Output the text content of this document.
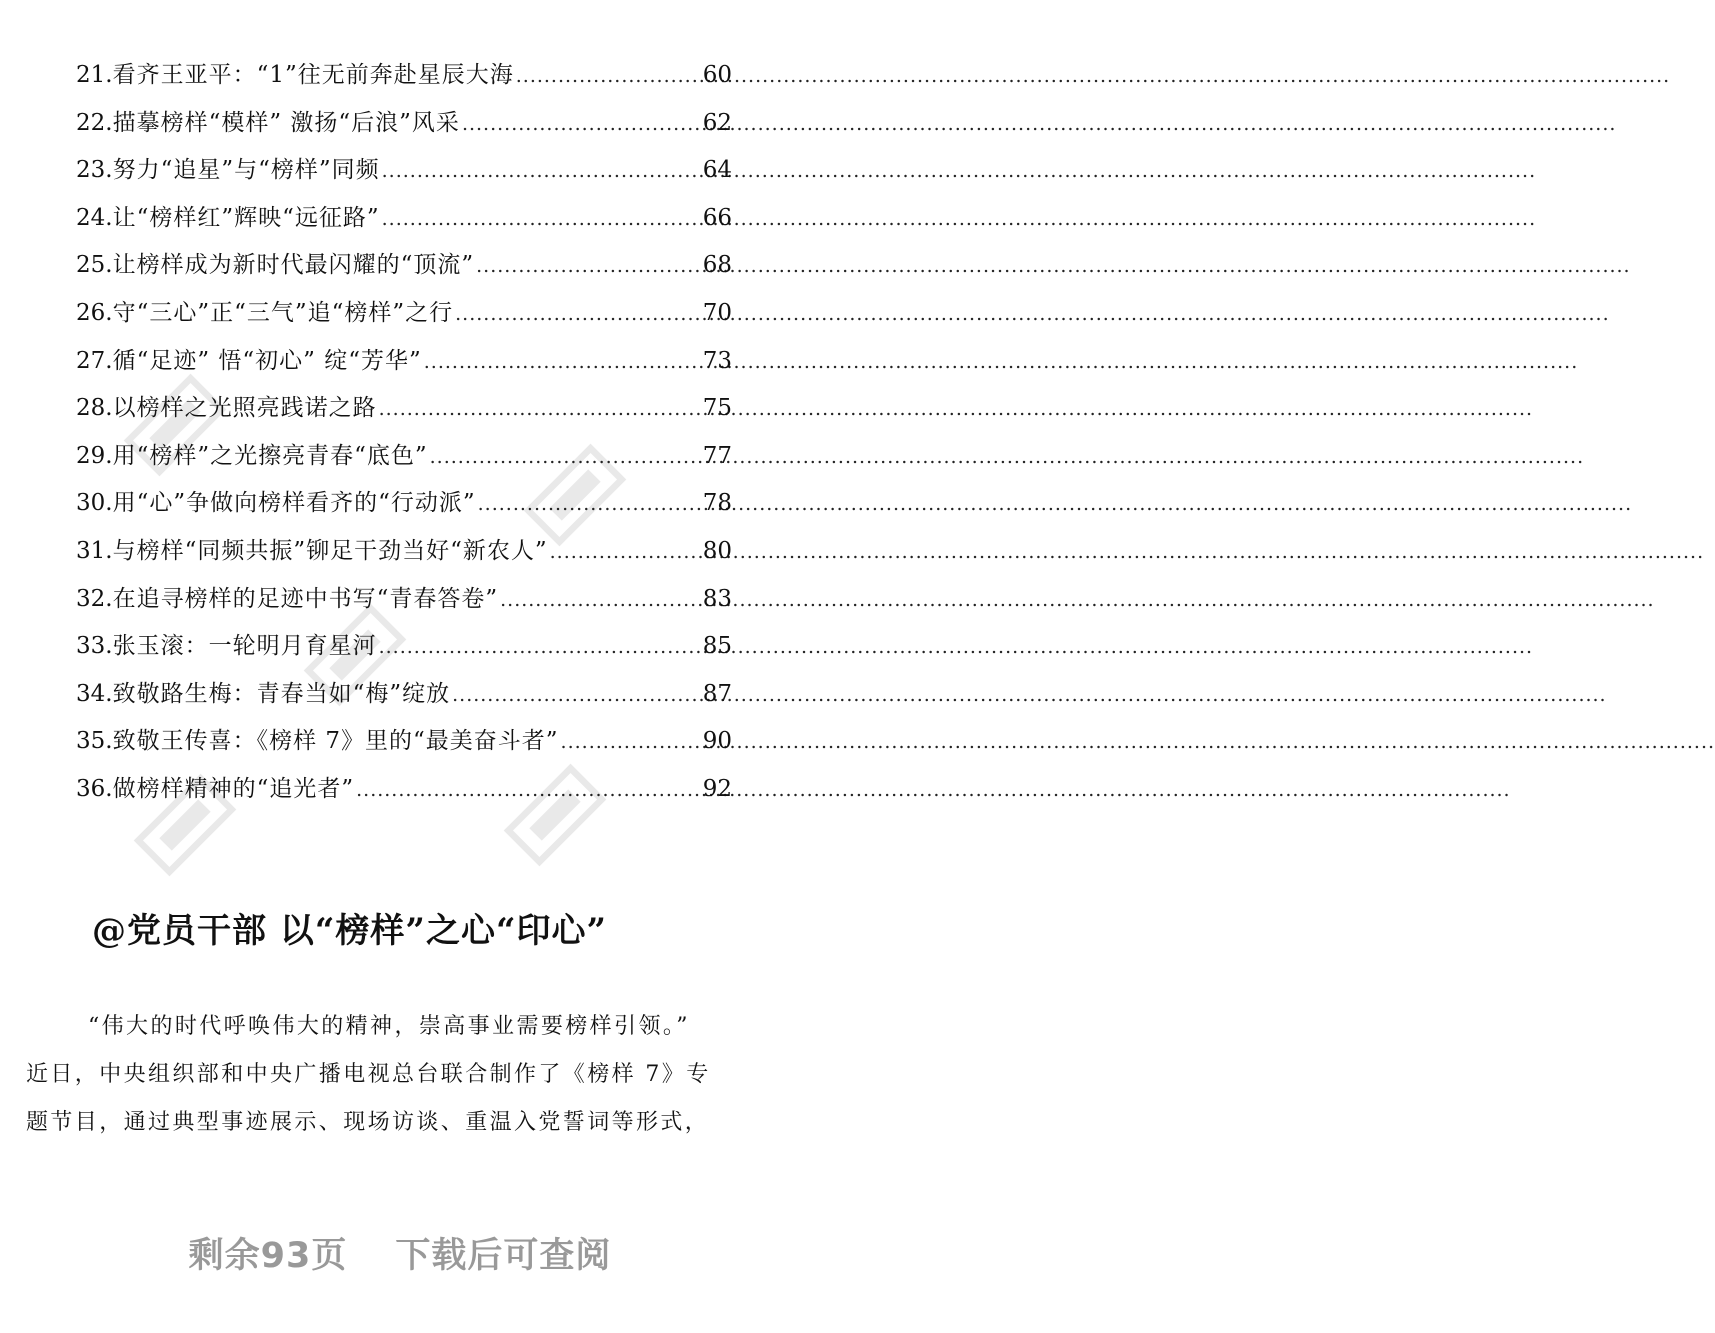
21. 看齐王亚平：“1”往无前奔赴星辰大海 .....	60
22. 描摹榜样“模样” 激扬“后浪”风采 .....	62
23. 努力“追星”与“榜样”同频 .....	64
24. 让“榜样红”辉映“远征路” .....	66
25. 让榜样成为新时代最闪耀的“顶流” .....	68
26. 守“三心”正“三气”追“榜样”之行 .....	70
27. 循“足迹” 悟“初心” 绽“芳华” .....	73
28. 以榜样之光照亮践诺之路 .....	75
29. 用“榜样”之光擦亮青春“底色” .....	77
30. 用“心”争做向榜样看齐的“行动派” .....	78
31. 与榜样“同频共振”铆足干劲当好“新农人” .....	80
32. 在追寻榜样的足迹中书写“青春答卷” .....	83
33. 张玉滚：一轮明月育星河 .....	85
34. 致敬路生梅：青春当如“梅”绽放 .....	87
35. 致敬王传喜：《榜样 7》里的“最美奋斗者” .....	90
36. 做榜样精神的“追光者” .....	92
@党员干部 以“榜样”之心“印心”

“伟大的时代呼唤伟大的精神，崇高事业需要榜样引领。”

近日，中央组织部和中央广播电视总台联合制作了《榜样 7》专

题节目，通过典型事迹展示、现场访谈、重温入党誓词等形式，

剩余93页 下载后可查阅
